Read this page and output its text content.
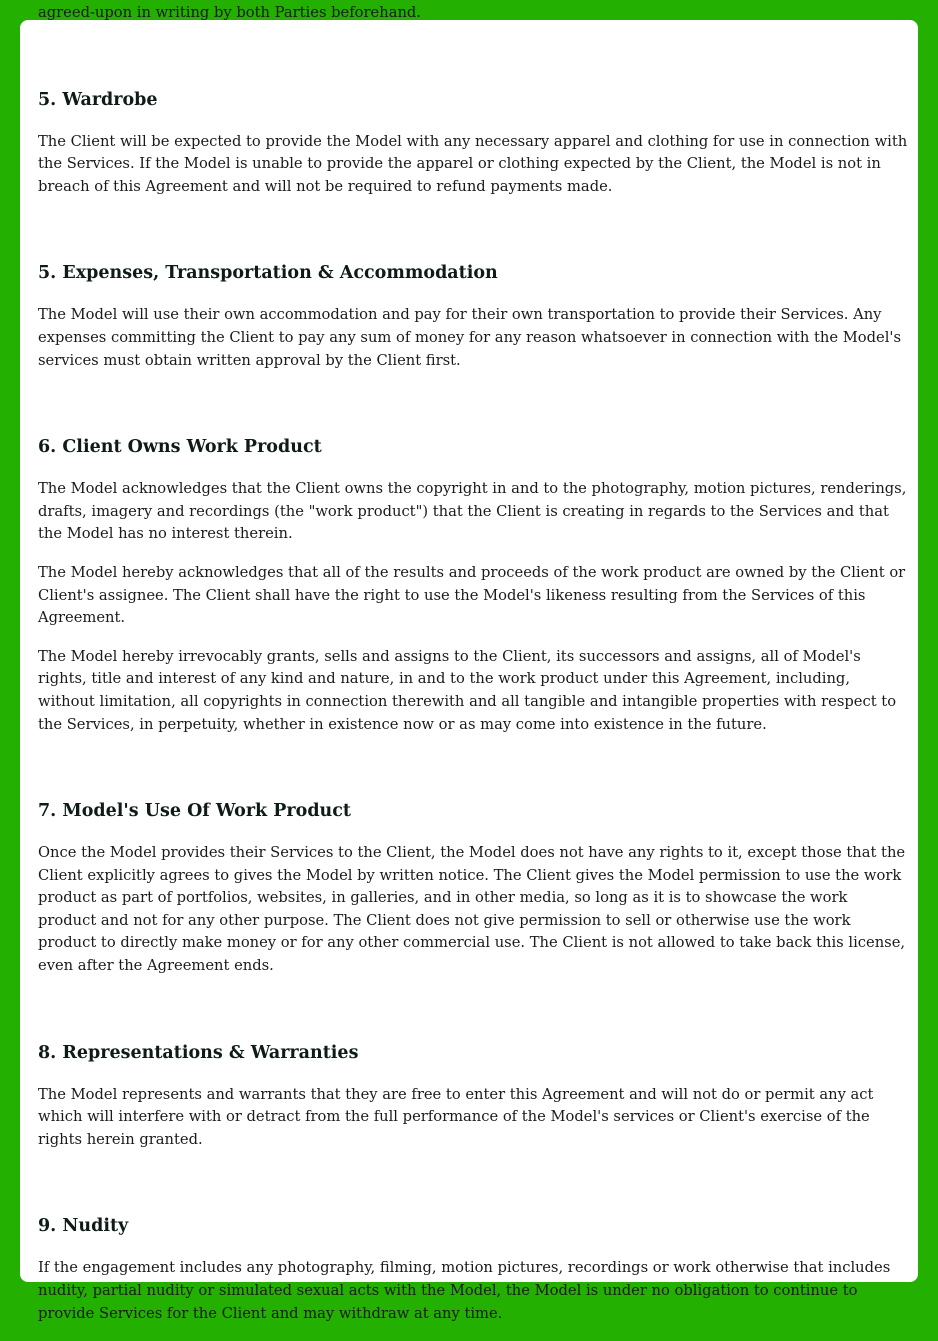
agreed-upon in writing by both Parties beforehand.

5. Wardrobe

The Client will be expected to provide the Model with any necessary apparel and clothing for use in connection with the Services. If the Model is unable to provide the apparel or clothing expected by the Client, the Model is not in breach of this Agreement and will not be required to refund payments made.

5. Expenses, Transportation & Accommodation

The Model will use their own accommodation and pay for their own transportation to provide their Services. Any expenses committing the Client to pay any sum of money for any reason whatsoever in connection with the Model's services must obtain written approval by the Client first.

6. Client Owns Work Product

The Model acknowledges that the Client owns the copyright in and to the photography, motion pictures, renderings, drafts, imagery and recordings (the "work product") that the Client is creating in regards to the Services and that the Model has no interest therein.

The Model hereby acknowledges that all of the results and proceeds of the work product are owned by the Client or Client's assignee. The Client shall have the right to use the Model's likeness resulting from the Services of this Agreement.

The Model hereby irrevocably grants, sells and assigns to the Client, its successors and assigns, all of Model's rights, title and interest of any kind and nature, in and to the work product under this Agreement, including, without limitation, all copyrights in connection therewith and all tangible and intangible properties with respect to the Services, in perpetuity, whether in existence now or as may come into existence in the future.

7. Model's Use Of Work Product

Once the Model provides their Services to the Client, the Model does not have any rights to it, except those that the Client explicitly agrees to gives the Model by written notice. The Client gives the Model permission to use the work product as part of portfolios, websites, in galleries, and in other media, so long as it is to showcase the work product and not for any other purpose. The Client does not give permission to sell or otherwise use the work product to directly make money or for any other commercial use. The Client is not allowed to take back this license, even after the Agreement ends.

8. Representations & Warranties

The Model represents and warrants that they are free to enter this Agreement and will not do or permit any act which will interfere with or detract from the full performance of the Model's services or Client's exercise of the rights herein granted.

9. Nudity

If the engagement includes any photography, filming, motion pictures, recordings or work otherwise that includes nudity, partial nudity or simulated sexual acts with the Model, the Model is under no obligation to continue to provide Services for the Client and may withdraw at any time.
